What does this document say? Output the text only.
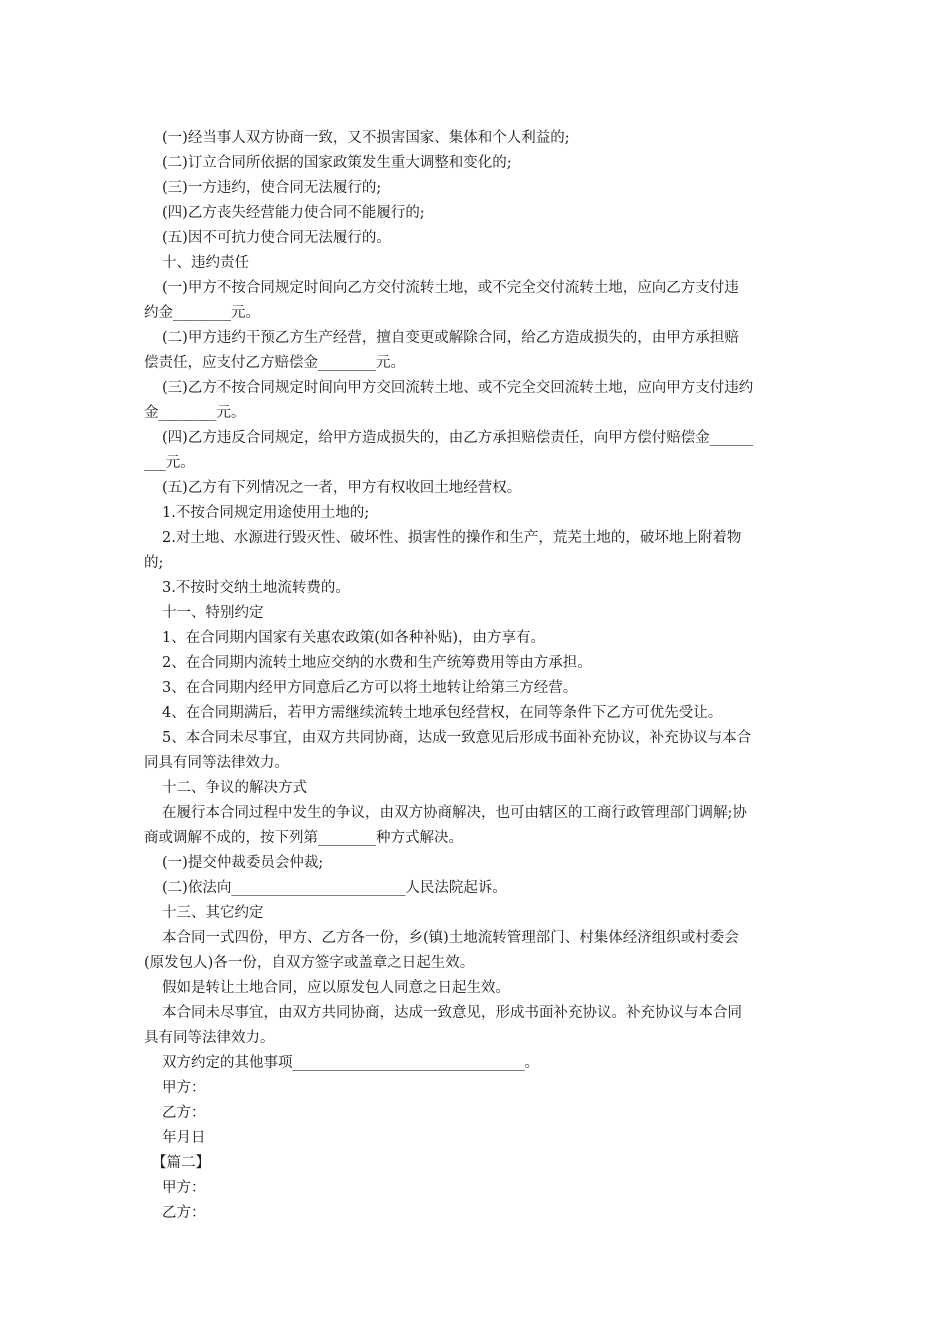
(一)经当事人双方协商一致，又不损害国家、集体和个人利益的;
(二)订立合同所依据的国家政策发生重大调整和变化的;
(三)一方违约，使合同无法履行的;
(四)乙方丧失经营能力使合同不能履行的;
(五)因不可抗力使合同无法履行的。
十、违约责任
(一)甲方不按合同规定时间向乙方交付流转土地，或不完全交付流转土地，应向乙方支付违
约金________元。
(二)甲方违约干预乙方生产经营，擅自变更或解除合同，给乙方造成损失的，由甲方承担赔
偿责任，应支付乙方赔偿金________元。
(三)乙方不按合同规定时间向甲方交回流转土地、或不完全交回流转土地，应向甲方支付违约
金________元。
(四)乙方违反合同规定，给甲方造成损失的，由乙方承担赔偿责任，向甲方偿付赔偿金______
___元。
(五)乙方有下列情况之一者，甲方有权收回土地经营权。
1.不按合同规定用途使用土地的;
2.对土地、水源进行毁灭性、破坏性、损害性的操作和生产，荒芜土地的，破坏地上附着物
的;
3.不按时交纳土地流转费的。
十一、特别约定
1、在合同期内国家有关惠农政策(如各种补贴)，由方享有。
2、在合同期内流转土地应交纳的水费和生产统筹费用等由方承担。
3、在合同期内经甲方同意后乙方可以将土地转让给第三方经营。
4、在合同期满后，若甲方需继续流转土地承包经营权，在同等条件下乙方可优先受让。
5、本合同未尽事宜，由双方共同协商，达成一致意见后形成书面补充协议，补充协议与本合
同具有同等法律效力。
十二、争议的解决方式
在履行本合同过程中发生的争议，由双方协商解决，也可由辖区的工商行政管理部门调解;协
商或调解不成的，按下列第________种方式解决。
(一)提交仲裁委员会仲裁;
(二)依法向________________________人民法院起诉。
十三、其它约定
本合同一式四份，甲方、乙方各一份，乡(镇)土地流转管理部门、村集体经济组织或村委会
(原发包人)各一份，自双方签字或盖章之日起生效。
假如是转让土地合同，应以原发包人同意之日起生效。
本合同未尽事宜，由双方共同协商，达成一致意见，形成书面补充协议。补充协议与本合同
具有同等法律效力。
双方约定的其他事项________________________________。
甲方：
乙方：
年月日
【篇二】
甲方：
乙方：
